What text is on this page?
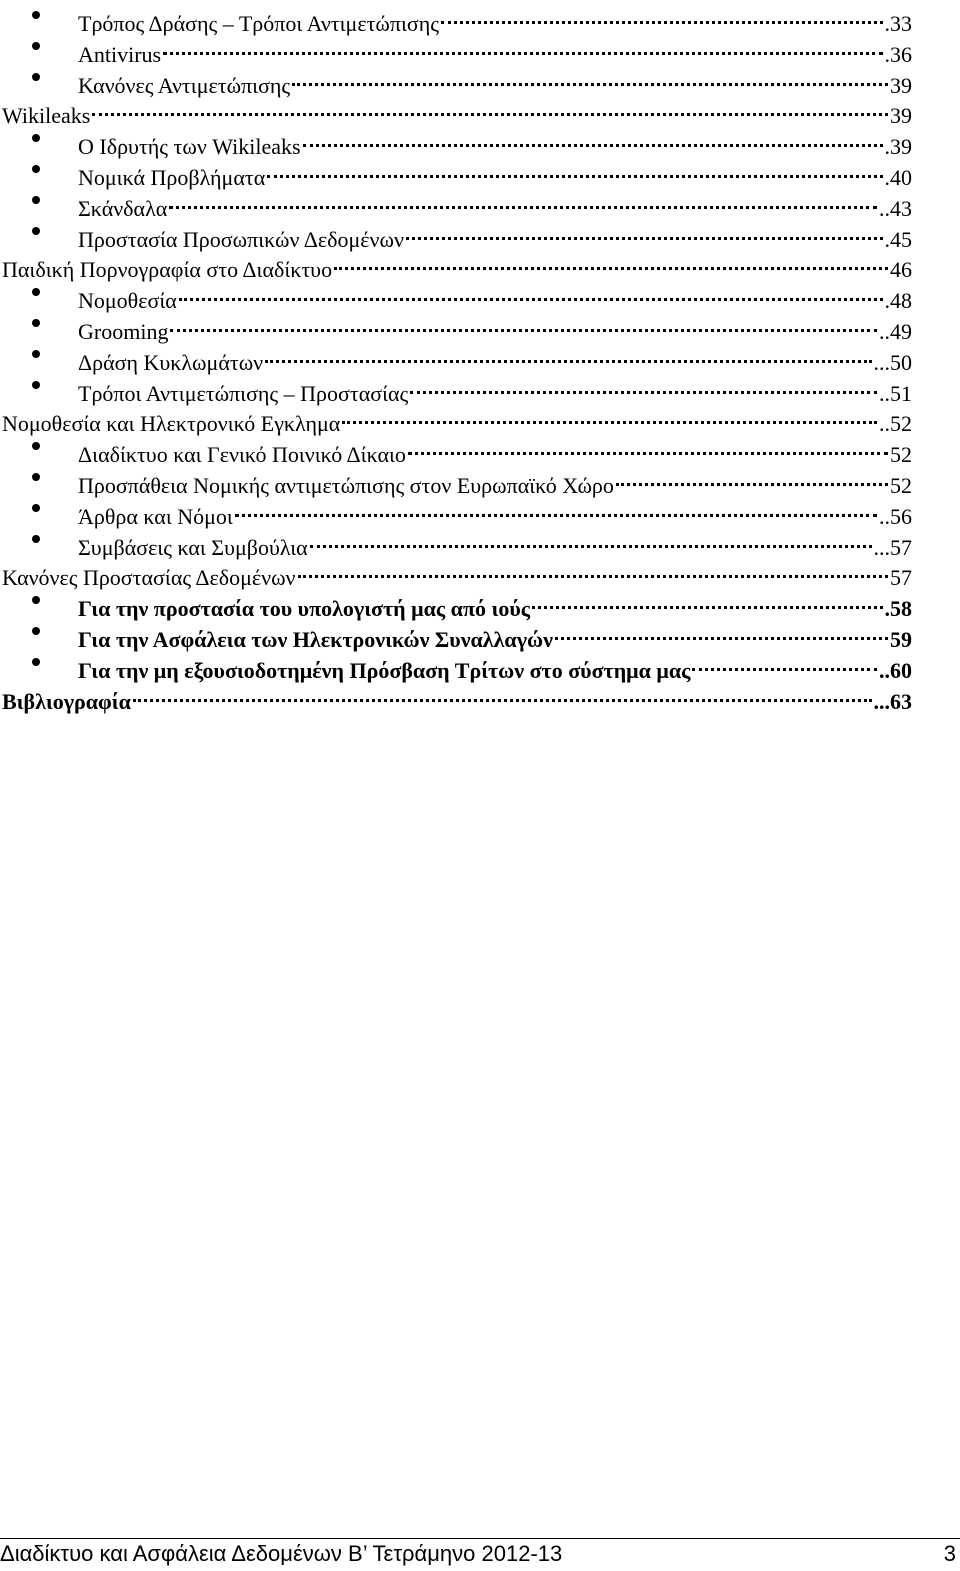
Τρόπος Δράσης – Τρόποι Αντιμετώπισης	.33
Antivirus	.36
Κανόνες Αντιμετώπισης	39
Wikileaks	39
Ο Ιδρυτής των Wikileaks	.39
Νομικά Προβλήματα	.40
Σκάνδαλα	..43
Προστασία Προσωπικών Δεδομένων	.45
Παιδική Πορνογραφία στο Διαδίκτυο	46
Νομοθεσία	.48
Grooming	..49
Δράση Κυκλωμάτων	...50
Τρόποι Αντιμετώπισης – Προστασίας	..51
Νομοθεσία και Ηλεκτρονικό Εγκλημα	..52
Διαδίκτυο και Γενικό Ποινικό Δίκαιο	52
Προσπάθεια Νομικής αντιμετώπισης στον Ευρωπαϊκό Χώρο	52
Άρθρα και Νόμοι	..56
Συμβάσεις και Συμβούλια	...57
Κανόνες Προστασίας Δεδομένων	57
Για την προστασία του υπολογιστή μας από ιούς	.58
Για την Ασφάλεια των Ηλεκτρονικών Συναλλαγών	59
Για την μη εξουσιοδοτημένη Πρόσβαση Τρίτων στο σύστημα μας	..60
Βιβλιογραφία	...63
Διαδίκτυο και Ασφάλεια Δεδομένων Β’ Τετράμηνο 2012-13	3
